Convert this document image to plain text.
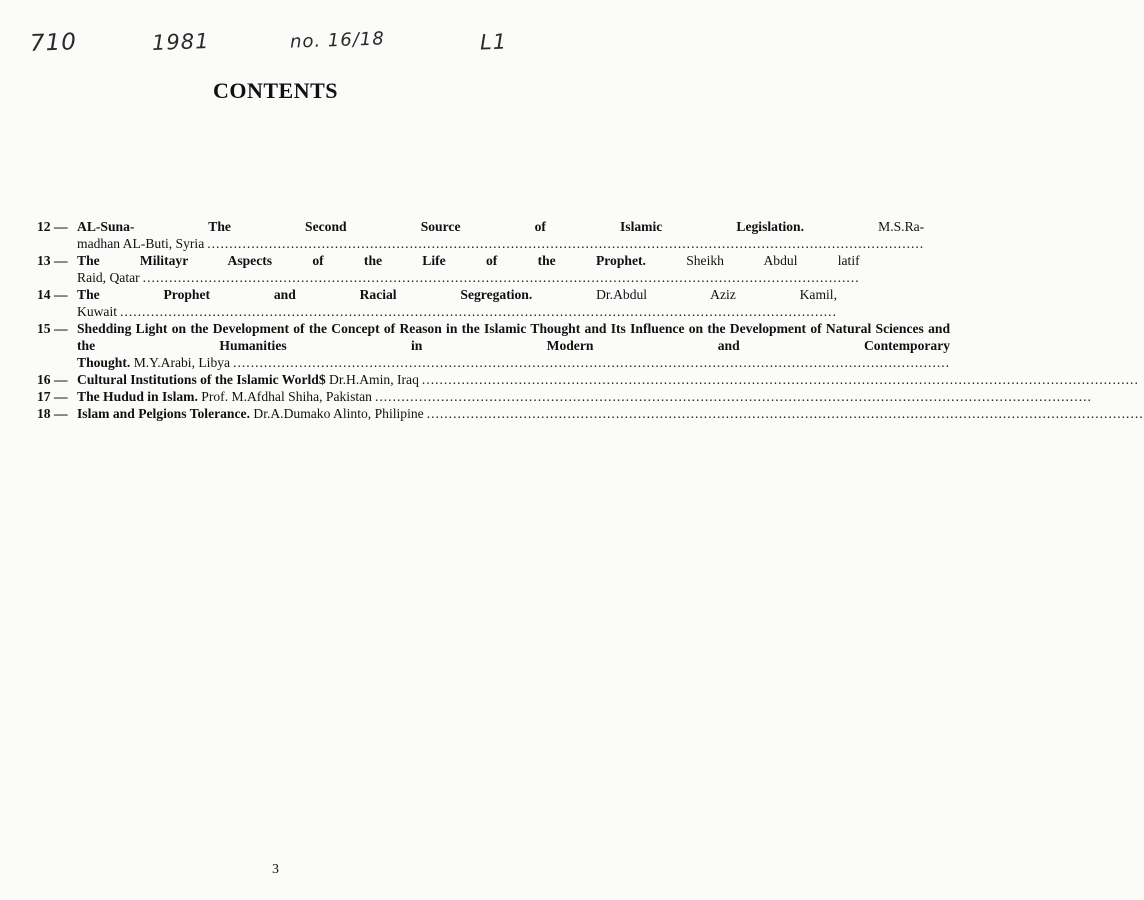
710	1981	no. 16/18	L1
CONTENTS
12 — AL-Suna- The Second Source of Islamic Legislation.	M.S.Ra-
madhan AL-Buti, Syria
.....
13 — The Militayr Aspects of the Life of the Prophet.	Sheikh Abdul latif
Raid, Qatar
.....
14 — The Prophet and Racial Segregation.	Dr.Abdul Aziz Kamil,
Kuwait
.....
15 — Shedding Light on the Development of the Concept of Reason in the Islamic Thought and Its Influence on the Development of Natural Sciences and the Humanities in Modern and Contemporary
Thought. M.Y.Arabi, Libya
.....
16 — Cultural Institutions of the Islamic World$ Dr.H.Amin, Iraq
.....
17 — The Hudud in Islam. Prof. M.Afdhal Shiha, Pakistan
.....
18 — Islam and Pelgions Tolerance. Dr.A.Dumako Alinto, Philipine
.....
3
